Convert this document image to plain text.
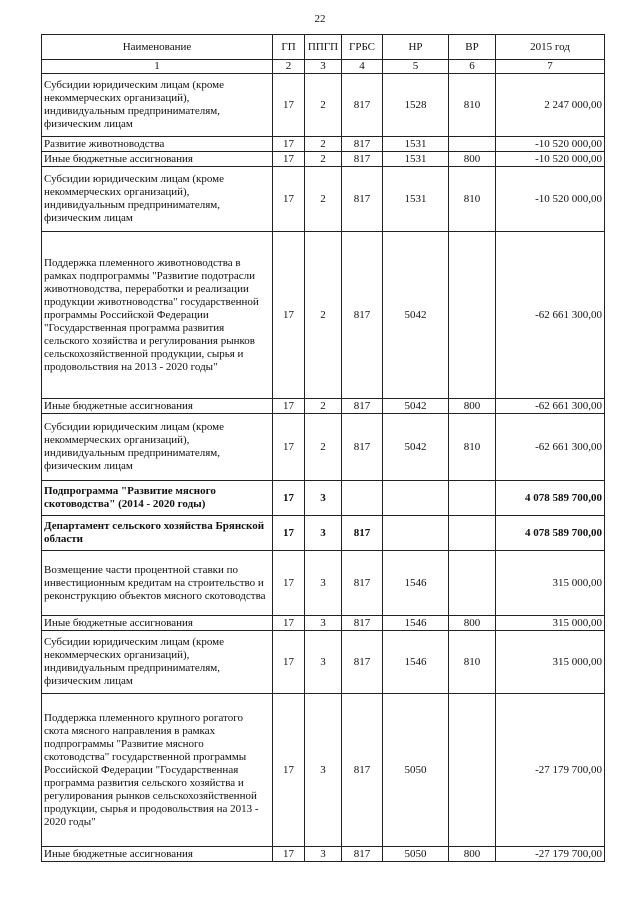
22
Наименование	ГП	ППГП	ГРБС	НР	ВР	2015 год
1	2	3	4	5	6	7
Субсидии юридическим лицам (кроме некоммерческих организаций), индивидуальным предпринимателям, физическим лицам	17	2	817	1528	810	2 247 000,00
Развитие животноводства	17	2	817	1531		-10 520 000,00
Иные бюджетные ассигнования	17	2	817	1531	800	-10 520 000,00
Субсидии юридическим лицам (кроме некоммерческих организаций), индивидуальным предпринимателям, физическим лицам	17	2	817	1531	810	-10 520 000,00
Поддержка племенного животноводства в рамках подпрограммы "Развитие подотрасли животноводства, переработки и реализации продукции животноводства" государственной программы Российской Федерации "Государственная программа развития сельского хозяйства и регулирования рынков сельскохозяйственной продукции, сырья и продовольствия на 2013 - 2020 годы"	17	2	817	5042		-62 661 300,00
Иные бюджетные ассигнования	17	2	817	5042	800	-62 661 300,00
Субсидии юридическим лицам (кроме некоммерческих организаций), индивидуальным предпринимателям, физическим лицам	17	2	817	5042	810	-62 661 300,00
Подпрограмма "Развитие мясного скотоводства" (2014 - 2020 годы)	17	3				4 078 589 700,00
Департамент сельского хозяйства Брянской области	17	3	817			4 078 589 700,00
Возмещение части процентной ставки по инвестиционным кредитам на строительство и реконструкцию объектов мясного скотоводства	17	3	817	1546		315 000,00
Иные бюджетные ассигнования	17	3	817	1546	800	315 000,00
Субсидии юридическим лицам (кроме некоммерческих организаций), индивидуальным предпринимателям, физическим лицам	17	3	817	1546	810	315 000,00
Поддержка племенного крупного рогатого скота мясного направления в рамках подпрограммы "Развитие мясного скотоводства" государственной программы Российской Федерации "Государственная программа развития сельского хозяйства и регулирования рынков сельскохозяйственной продукции, сырья и продовольствия на 2013 - 2020 годы"	17	3	817	5050		-27 179 700,00
Иные бюджетные ассигнования	17	3	817	5050	800	-27 179 700,00
